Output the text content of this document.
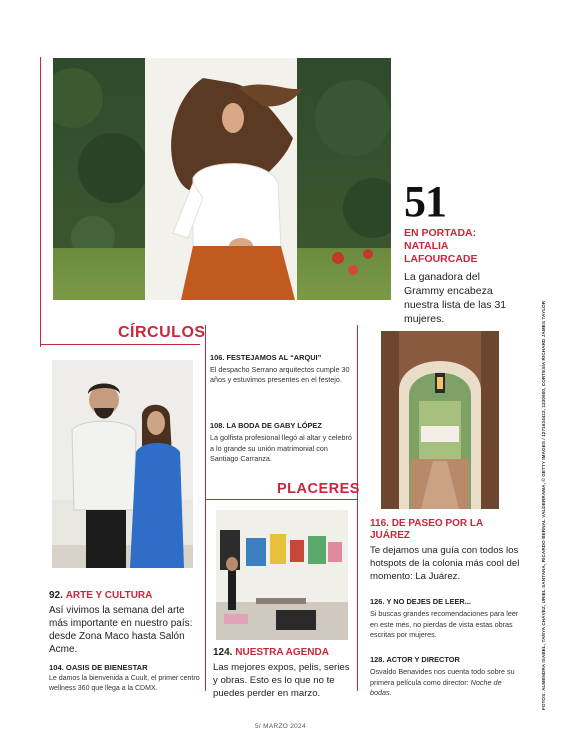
51
EN PORTADA: NATALIA LAFOURCADE

La ganadora del Grammy encabeza nuestra lista de las 31 mujeres.

CÍRCULOS
PLACERES
106. FESTEJAMOS AL “ARQUI”

El despacho Serrano arquitectos cumple 30 años y estuvimos presentes en el festejo.

108. LA BODA DE GABY LÓPEZ

La golfista profesional llegó al altar y celebró a lo grande su unión matrimonial con Santiago Carranza.

92. ARTE Y CULTURA

Así vivimos la semana del arte más importante en nuestro país: desde Zona Maco hasta Salón Acme.

104. OASIS DE BIENESTAR

Le damos la bienvenida a Cuult, el primer centro wellness 360 que llega a la CDMX.

124. NUESTRA AGENDA

Las mejores expos, pelis, series y obras. Esto es lo que no te puedes perder en marzo.

116. DE PASEO POR LA JUÁREZ

Te dejamos una guía con todos los hotspots de la colonia más cool del momento: La Juárez.

126. Y NO DEJES DE LEER...

Si buscas grandes recomendaciones para leer en este mes, no pierdas de vista estas obras escritas por mujeres.

128. ACTOR Y DIRECTOR

Osvaldo Benavides nos cuenta todo sobre su primera película como director: Noche de bodas.	FOTOS: ALMENDRA ISABEL, TANYA CHÁVEZ, URIEL SANTANA, RICARDO BERNAL VALDERRAMA, © GETTY IMAGES / 1271634412, 1230600, CORTESÍA RICHARD JAMES TAYLOR
5/ MARZO 2024
